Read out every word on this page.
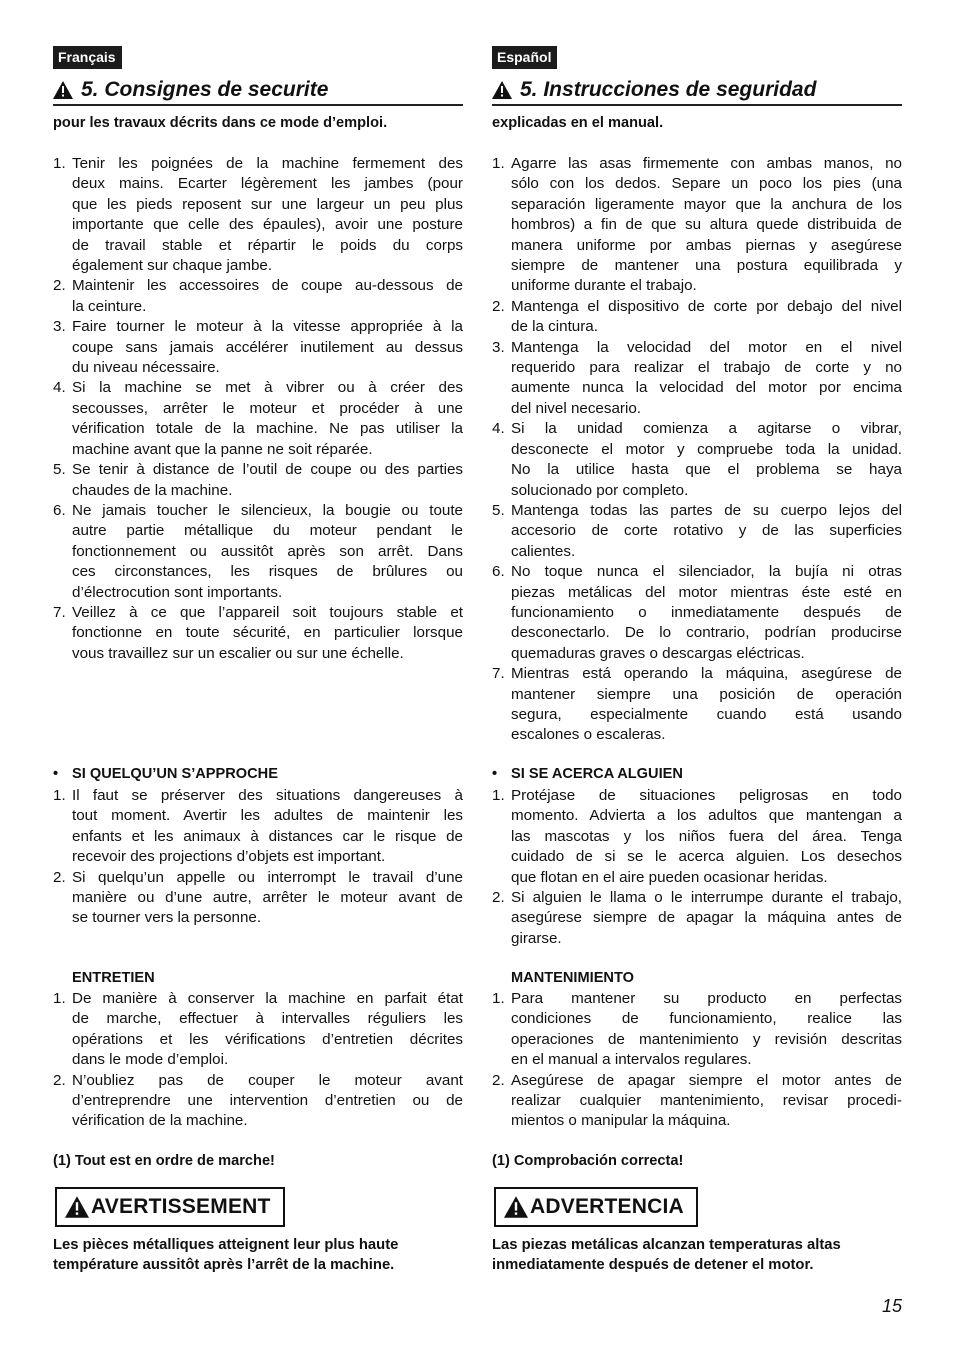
Français
5. Consignes de securite
pour les travaux décrits dans ce mode d’emploi.
1. Tenir les poignées de la machine fermement des
deux mains. Ecarter légèrement les jambes (pour
que les pieds reposent sur une largeur un peu plus
importante que celle des épaules), avoir une posture
de travail stable et répartir le poids du corps
également sur chaque jambe.
2. Maintenir les accessoires de coupe au-dessous de
la ceinture.
3. Faire tourner le moteur à la vitesse appropriée à la
coupe sans jamais accélérer inutilement au dessus
du niveau nécessaire.
4. Si la machine se met à vibrer ou à créer des
secousses, arrêter le moteur et procéder à une
vérification totale de la machine. Ne pas utiliser la
machine avant que la panne ne soit réparée.
5. Se tenir à distance de l’outil de coupe ou des parties
chaudes de la machine.
6. Ne jamais toucher le silencieux, la bougie ou toute
autre partie métallique du moteur pendant le
fonctionnement ou aussitôt après son arrêt. Dans
ces circonstances, les risques de brûlures ou
d’électrocution sont importants.
7. Veillez à ce que l’appareil soit toujours stable et
fonctionne en toute sécurité, en particulier lorsque
vous travaillez sur un escalier ou sur une échelle.
• SI QUELQU’UN S’APPROCHE
1. Il faut se préserver des situations dangereuses à
tout moment. Avertir les adultes de maintenir les
enfants et les animaux à distances car le risque de
recevoir des projections d’objets est important.
2. Si quelqu’un appelle ou interrompt le travail d’une
manière ou d’une autre, arrêter le moteur avant de
se tourner vers la personne.
ENTRETIEN
1. De manière à conserver la machine en parfait état
de marche, effectuer à intervalles réguliers les
opérations et les vérifications d’entretien décrites
dans le mode d’emploi.
2. N’oubliez pas de couper le moteur avant
d’entreprendre une intervention d’entretien ou de
vérification de la machine.
(1) Tout est en ordre de marche!
AVERTISSEMENT
Les pièces métalliques atteignent leur plus haute
température aussitôt après l’arrêt de la machine.
Español
5. Instrucciones de seguridad
explicadas en el manual.
1. Agarre las asas firmemente con ambas manos, no
sólo con los dedos. Separe un poco los pies (una
separación ligeramente mayor que la anchura de los
hombros) a fin de que su altura quede distribuida de
manera uniforme por ambas piernas y asegúrese
siempre de mantener una postura equilibrada y
uniforme durante el trabajo.
2. Mantenga el dispositivo de corte por debajo del nivel
de la cintura.
3. Mantenga la velocidad del motor en el nivel
requerido para realizar el trabajo de corte y no
aumente nunca la velocidad del motor por encima
del nivel necesario.
4. Si la unidad comienza a agitarse o vibrar,
desconecte el motor y compruebe toda la unidad.
No la utilice hasta que el problema se haya
solucionado por completo.
5. Mantenga todas las partes de su cuerpo lejos del
accesorio de corte rotativo y de las superficies
calientes.
6. No toque nunca el silenciador, la bujía ni otras
piezas metálicas del motor mientras éste esté en
funcionamiento o inmediatamente después de
desconectarlo. De lo contrario, podrían producirse
quemaduras graves o descargas eléctricas.
7. Mientras está operando la máquina, asegúrese de
mantener siempre una posición de operación
segura, especialmente cuando está usando
escalones o escaleras.
• SI SE ACERCA ALGUIEN
1. Protéjase de situaciones peligrosas en todo
momento. Advierta a los adultos que mantengan a
las mascotas y los niños fuera del área. Tenga
cuidado de si se le acerca alguien. Los desechos
que flotan en el aire pueden ocasionar heridas.
2. Si alguien le llama o le interrumpe durante el trabajo,
asegúrese siempre de apagar la máquina antes de
girarse.
MANTENIMIENTO
1. Para mantener su producto en perfectas
condiciones de funcionamiento, realice las
operaciones de mantenimiento y revisión descritas
en el manual a intervalos regulares.
2. Asegúrese de apagar siempre el motor antes de
realizar cualquier mantenimiento, revisar procedi-
mientos o manipular la máquina.
(1) Comprobación correcta!
ADVERTENCIA
Las piezas metálicas alcanzan temperaturas altas
inmediatamente después de detener el motor.
15
